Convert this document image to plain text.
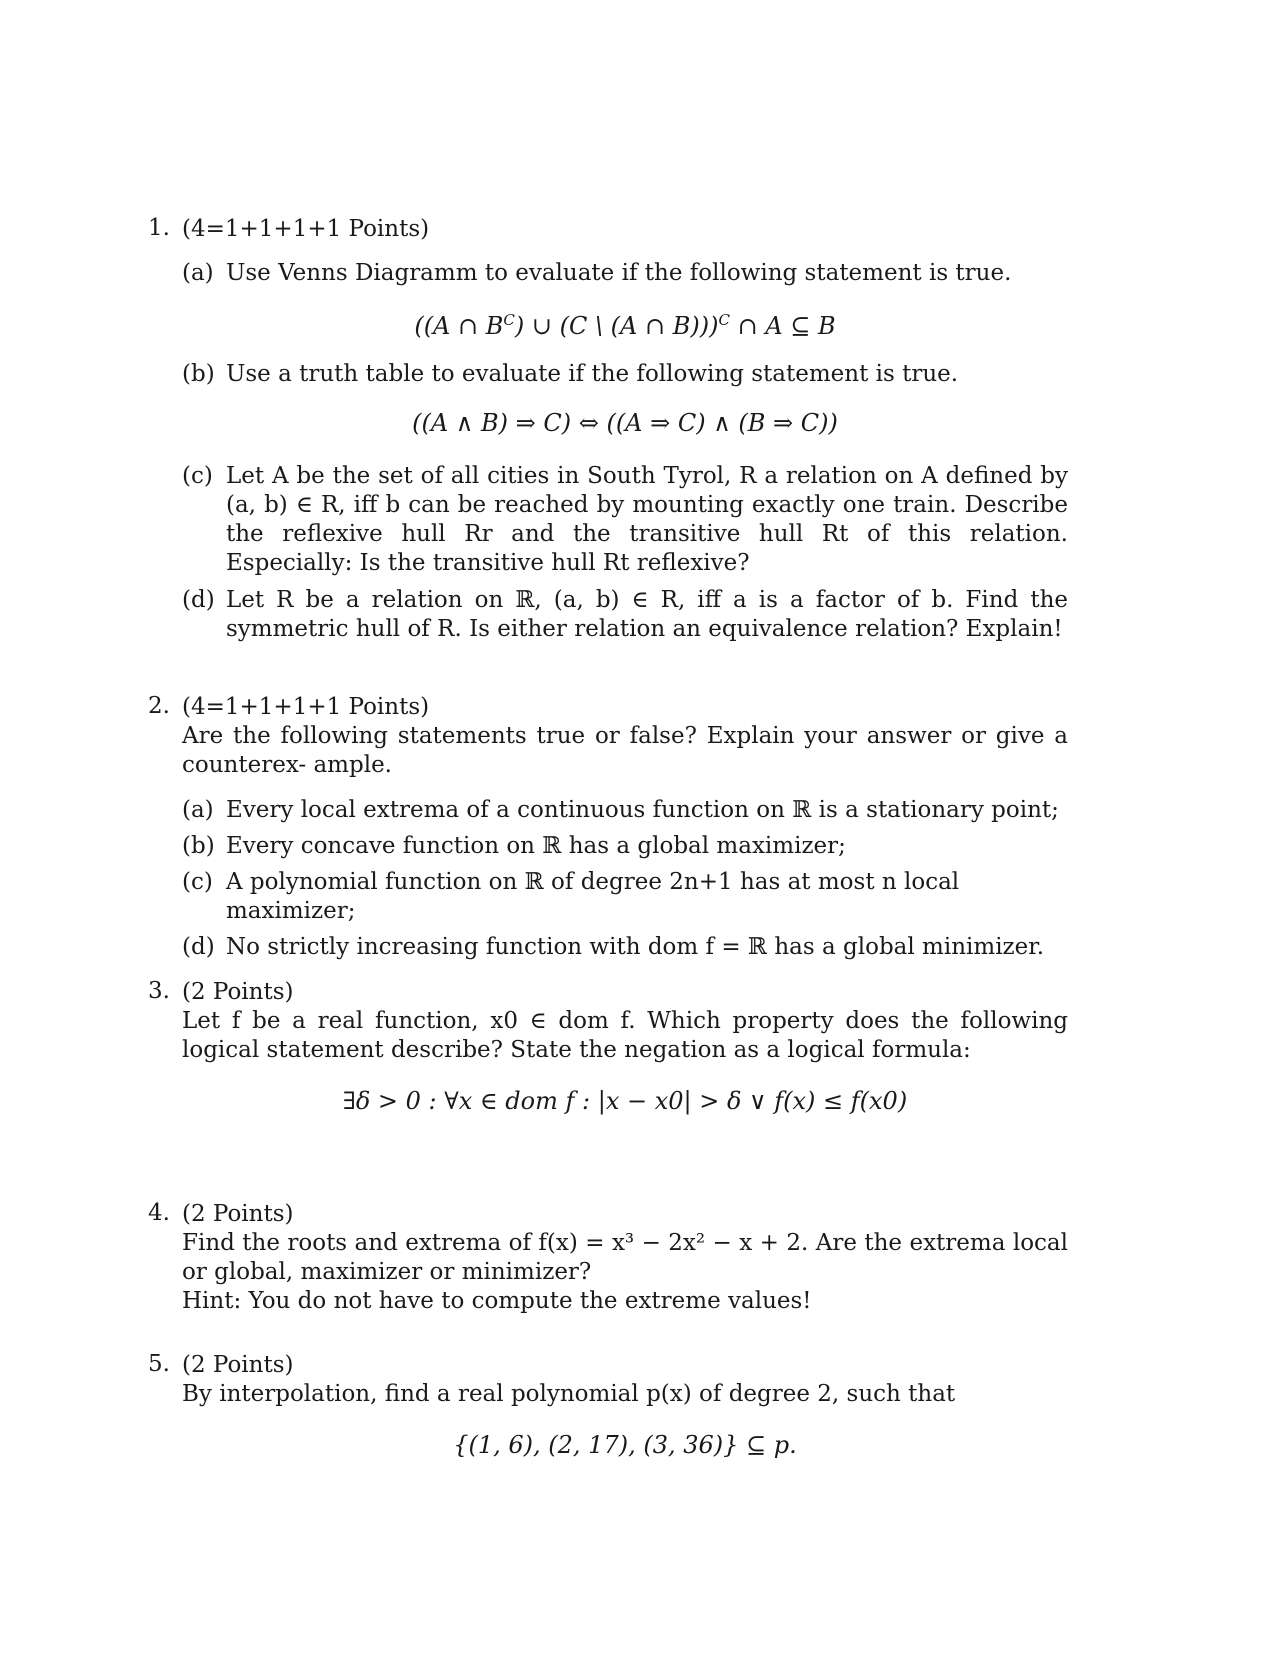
1. (4=1+1+1+1 Points)
(a) Use Venns Diagramm to evaluate if the following statement is true.
((A ∩ $B^C$) ∪ (C \ (A ∩ B)))$^C$ ∩ A ⊆ B
(b) Use a truth table to evaluate if the following statement is true.
((A ∧ B) ⇒ C) ⇔ ((A ⇒ C) ∧ (B ⇒ C))
(c) Let A be the set of all cities in South Tyrol, R a relation on A defined by (a, b) ∈ R, iff b can be reached by mounting exactly one train. Describe the reflexive hull Rr and the transitive hull Rt of this relation. Especially: Is the transitive hull Rt reflexive?
(d) Let R be a relation on ℝ, (a, b) ∈ R, iff a is a factor of b. Find the symmetric hull of R. Is either relation an equivalence relation? Explain!
2. (4=1+1+1+1 Points)
Are the following statements true or false? Explain your answer or give a counterex- ample.
(a) Every local extrema of a continuous function on ℝ is a stationary point;
(b) Every concave function on ℝ has a global maximizer;
(c) A polynomial function on ℝ of degree 2n+1 has at most n local maximizer;
(d) No strictly increasing function with dom f = ℝ has a global minimizer.
3. (2 Points)
Let f be a real function, x0 ∈ dom f. Which property does the following logical statement describe? State the negation as a logical formula:
∃δ > 0 : ∀x ∈ dom f : |x − x0| > δ ∨ f(x) ≤ f(x0)
4. (2 Points)
Find the roots and extrema of f(x) = x³ − 2x² − x + 2. Are the extrema local or global, maximizer or minimizer?
Hint: You do not have to compute the extreme values!
5. (2 Points)
By interpolation, find a real polynomial p(x) of degree 2, such that
{(1, 6), (2, 17), (3, 36)} ⊆ p.
